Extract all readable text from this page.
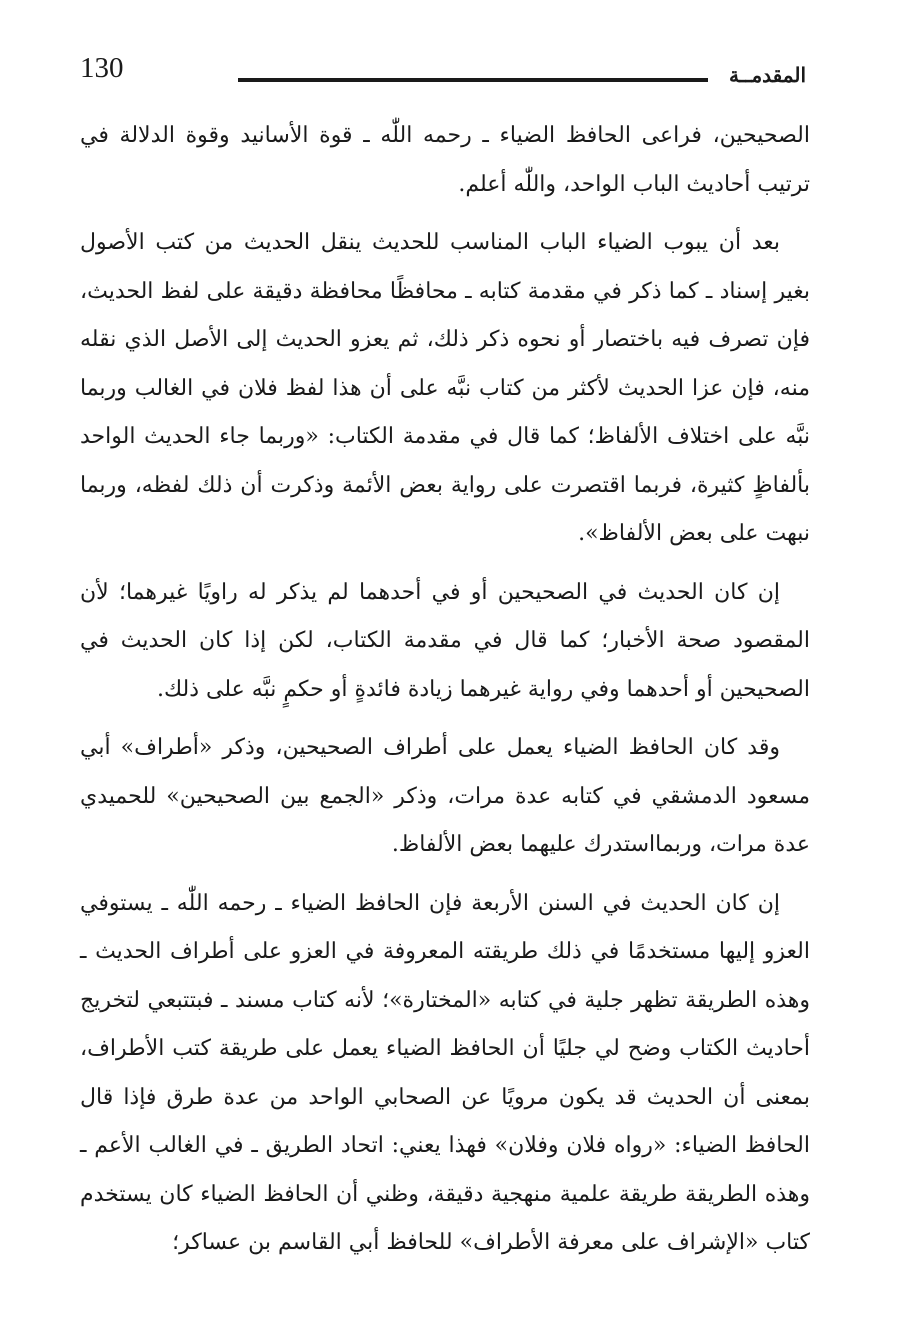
130	المقدمــة

الصحيحين، فراعى الحافظ الضياء ـ رحمه اللّٰه ـ قوة الأسانيد وقوة الدلالة في ترتيب أحاديث الباب الواحد، واللّٰه أعلم.

بعد أن يبوب الضياء الباب المناسب للحديث ينقل الحديث من كتب الأصول بغير إسناد ـ كما ذكر في مقدمة كتابه ـ محافظًا محافظة دقيقة على لفظ الحديث، فإن تصرف فيه باختصار أو نحوه ذكر ذلك، ثم يعزو الحديث إلى الأصل الذي نقله منه، فإن عزا الحديث لأكثر من كتاب نبَّه على أن هذا لفظ فلان في الغالب وربما نبَّه على اختلاف الألفاظ؛ كما قال في مقدمة الكتاب: «وربما جاء الحديث الواحد بألفاظٍ كثيرة، فربما اقتصرت على رواية بعض الأئمة وذكرت أن ذلك لفظه، وربما نبهت على بعض الألفاظ».

إن كان الحديث في الصحيحين أو في أحدهما لم يذكر له راويًا غيرهما؛ لأن المقصود صحة الأخبار؛ كما قال في مقدمة الكتاب، لكن إذا كان الحديث في الصحيحين أو أحدهما وفي رواية غيرهما زيادة فائدةٍ أو حكمٍ نبَّه على ذلك.

وقد كان الحافظ الضياء يعمل على أطراف الصحيحين، وذكر «أطراف» أبي مسعود الدمشقي في كتابه عدة مرات، وذكر «الجمع بين الصحيحين» للحميدي عدة مرات، وربمااستدرك عليهما بعض الألفاظ.

إن كان الحديث في السنن الأربعة فإن الحافظ الضياء ـ رحمه اللّٰه ـ يستوفي العزو إليها مستخدمًا في ذلك طريقته المعروفة في العزو على أطراف الحديث ـ وهذه الطريقة تظهر جلية في كتابه «المختارة»؛ لأنه كتاب مسند ـ فبتتبعي لتخريج أحاديث الكتاب وضح لي جليًا أن الحافظ الضياء يعمل على طريقة كتب الأطراف، بمعنى أن الحديث قد يكون مرويًا عن الصحابي الواحد من عدة طرق فإذا قال الحافظ الضياء: «رواه فلان وفلان» فهذا يعني: اتحاد الطريق ـ في الغالب الأعم ـ وهذه الطريقة طريقة علمية منهجية دقيقة، وظني أن الحافظ الضياء كان يستخدم كتاب «الإشراف على معرفة الأطراف» للحافظ أبي القاسم بن عساكر؛
